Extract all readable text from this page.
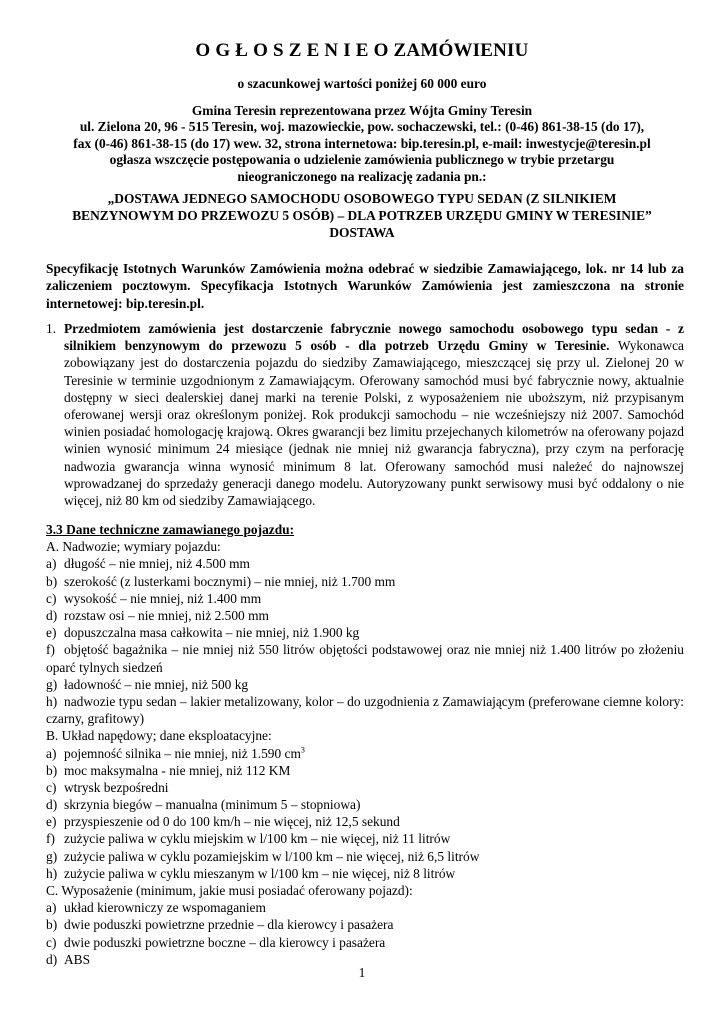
O G Ł O S Z E N I E O ZAMÓWIENIU
o szacunkowej wartości poniżej 60 000 euro
Gmina Teresin reprezentowana przez Wójta Gminy Teresin
ul. Zielona 20, 96 - 515 Teresin, woj. mazowieckie, pow. sochaczewski, tel.: (0-46) 861-38-15 (do 17),
fax (0-46) 861-38-15 (do 17) wew. 32, strona internetowa: bip.teresin.pl, e-mail: inwestycje@teresin.pl
ogłasza wszczęcie postępowania o udzielenie zamówienia publicznego w trybie przetargu
nieograniczonego na realizację zadania pn.:
„DOSTAWA JEDNEGO SAMOCHODU OSOBOWEGO TYPU SEDAN (Z SILNIKIEM
BENZYNOWYM DO PRZEWOZU 5 OSÓB) – DLA POTRZEB URZĘDU GMINY W TERESINIE”
DOSTAWA
Specyfikację Istotnych Warunków Zamówienia można odebrać w siedzibie Zamawiającego, lok. nr 14 lub za zaliczeniem pocztowym. Specyfikacja Istotnych Warunków Zamówienia jest zamieszczona na stronie internetowej: bip.teresin.pl.
1. Przedmiotem zamówienia jest dostarczenie fabrycznie nowego samochodu osobowego typu sedan - z silnikiem benzynowym do przewozu 5 osób - dla potrzeb Urzędu Gminy w Teresinie. Wykonawca zobowiązany jest do dostarczenia pojazdu do siedziby Zamawiającego, mieszczącej się przy ul. Zielonej 20 w Teresinie w terminie uzgodnionym z Zamawiającym. Oferowany samochód musi być fabrycznie nowy, aktualnie dostępny w sieci dealerskiej danej marki na terenie Polski, z wyposażeniem nie uboższym, niż przypisanym oferowanej wersji oraz określonym poniżej. Rok produkcji samochodu – nie wcześniejszy niż 2007. Samochód winien posiadać homologację krajową. Okres gwarancji bez limitu przejechanych kilometrów na oferowany pojazd winien wynosić minimum 24 miesiące (jednak nie mniej niż gwarancja fabryczna), przy czym na perforację nadwozia gwarancja winna wynosić minimum 8 lat. Oferowany samochód musi należeć do najnowszej wprowadzanej do sprzedaży generacji danego modelu. Autoryzowany punkt serwisowy musi być oddalony o nie więcej, niż 80 km od siedziby Zamawiającego.
3.3 Dane techniczne zamawianego pojazdu:
A. Nadwozie; wymiary pojazdu:
a) długość – nie mniej, niż 4.500 mm
b) szerokość (z lusterkami bocznymi) – nie mniej, niż 1.700 mm
c) wysokość – nie mniej, niż 1.400 mm
d) rozstaw osi – nie mniej, niż 2.500 mm
e) dopuszczalna masa całkowita – nie mniej, niż 1.900 kg
f) objętość bagażnika – nie mniej niż 550 litrów objętości podstawowej oraz nie mniej niż 1.400 litrów po złożeniu oparć tylnych siedzeń
g) ładowność – nie mniej, niż 500 kg
h) nadwozie typu sedan – lakier metalizowany, kolor – do uzgodnienia z Zamawiającym (preferowane ciemne kolory: czarny, grafitowy)
B. Układ napędowy; dane eksploatacyjne:
a) pojemność silnika – nie mniej, niż 1.590 $cm^3$
b) moc maksymalna - nie mniej, niż 112 KM
c) wtrysk bezpośredni
d) skrzynia biegów – manualna (minimum 5 – stopniowa)
e) przyspieszenie od 0 do 100 km/h – nie więcej, niż 12,5 sekund
f) zużycie paliwa w cyklu miejskim w l/100 km – nie więcej, niż 11 litrów
g) zużycie paliwa w cyklu pozamiejskim w l/100 km – nie więcej, niż 6,5 litrów
h) zużycie paliwa w cyklu mieszanym w l/100 km – nie więcej, niż 8 litrów
C. Wyposażenie (minimum, jakie musi posiadać oferowany pojazd):
a) układ kierowniczy ze wspomaganiem
b) dwie poduszki powietrzne przednie – dla kierowcy i pasażera
c) dwie poduszki powietrzne boczne – dla kierowcy i pasażera
d) ABS
1
